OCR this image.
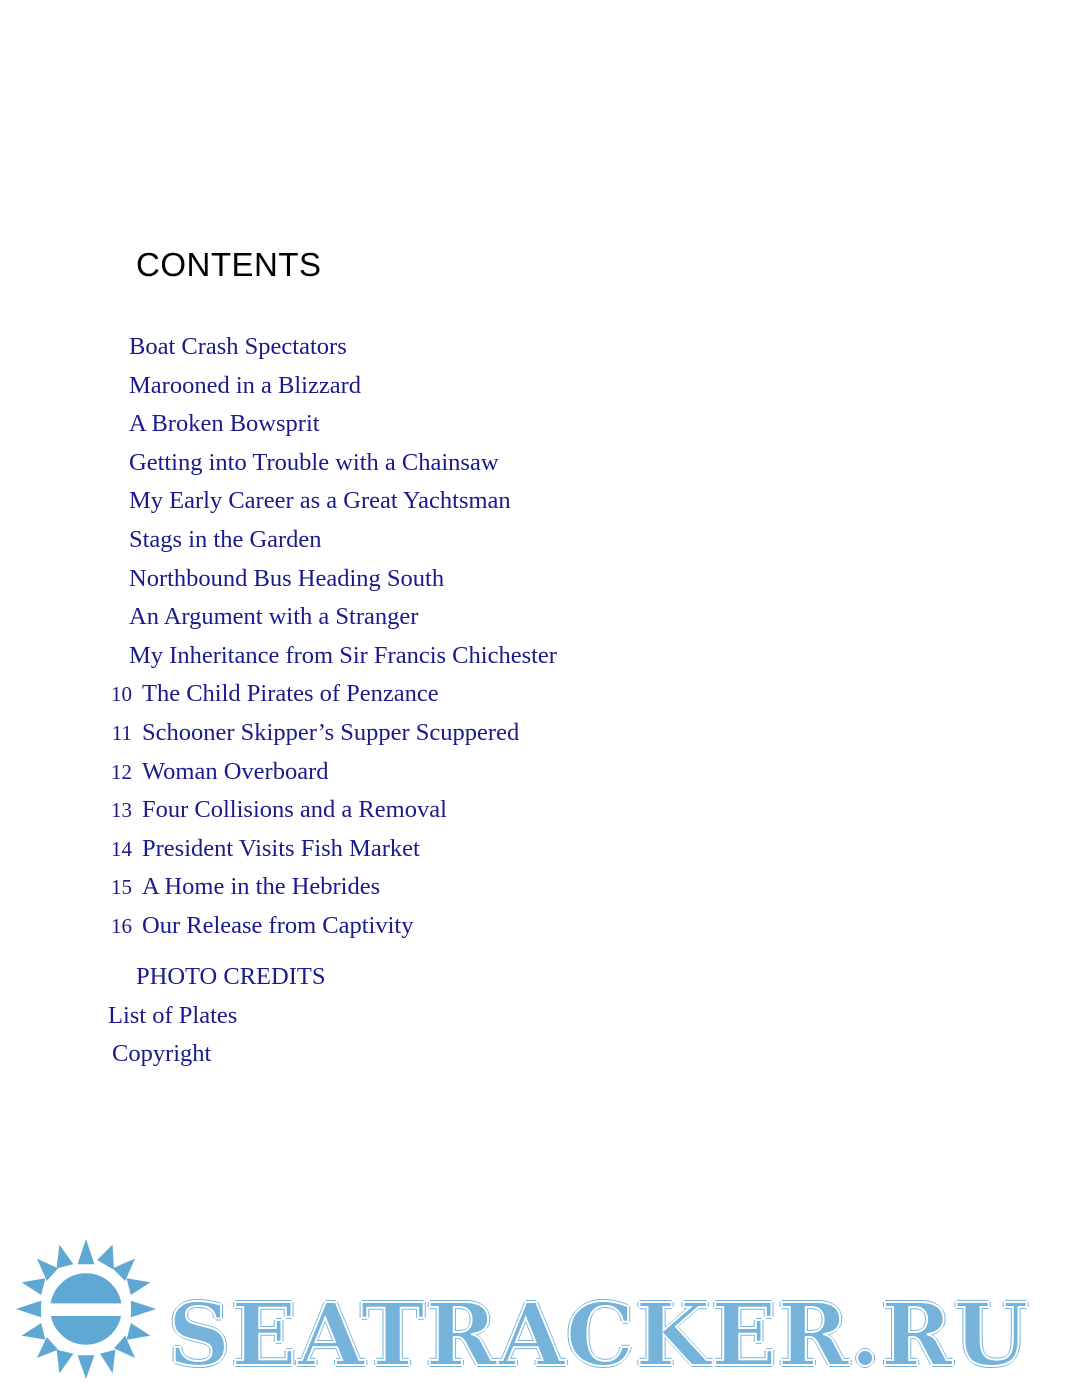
CONTENTS
Boat Crash Spectators
Marooned in a Blizzard
A Broken Bowsprit
Getting into Trouble with a Chainsaw
My Early Career as a Great Yachtsman
Stags in the Garden
Northbound Bus Heading South
An Argument with a Stranger
My Inheritance from Sir Francis Chichester
10 The Child Pirates of Penzance
11 Schooner Skipper’s Supper Scuppered
12 Woman Overboard
13 Four Collisions and a Removal
14 President Visits Fish Market
15 A Home in the Hebrides
16 Our Release from Captivity
PHOTO CREDITS
List of Plates
Copyright
SEATRACKER.RU
